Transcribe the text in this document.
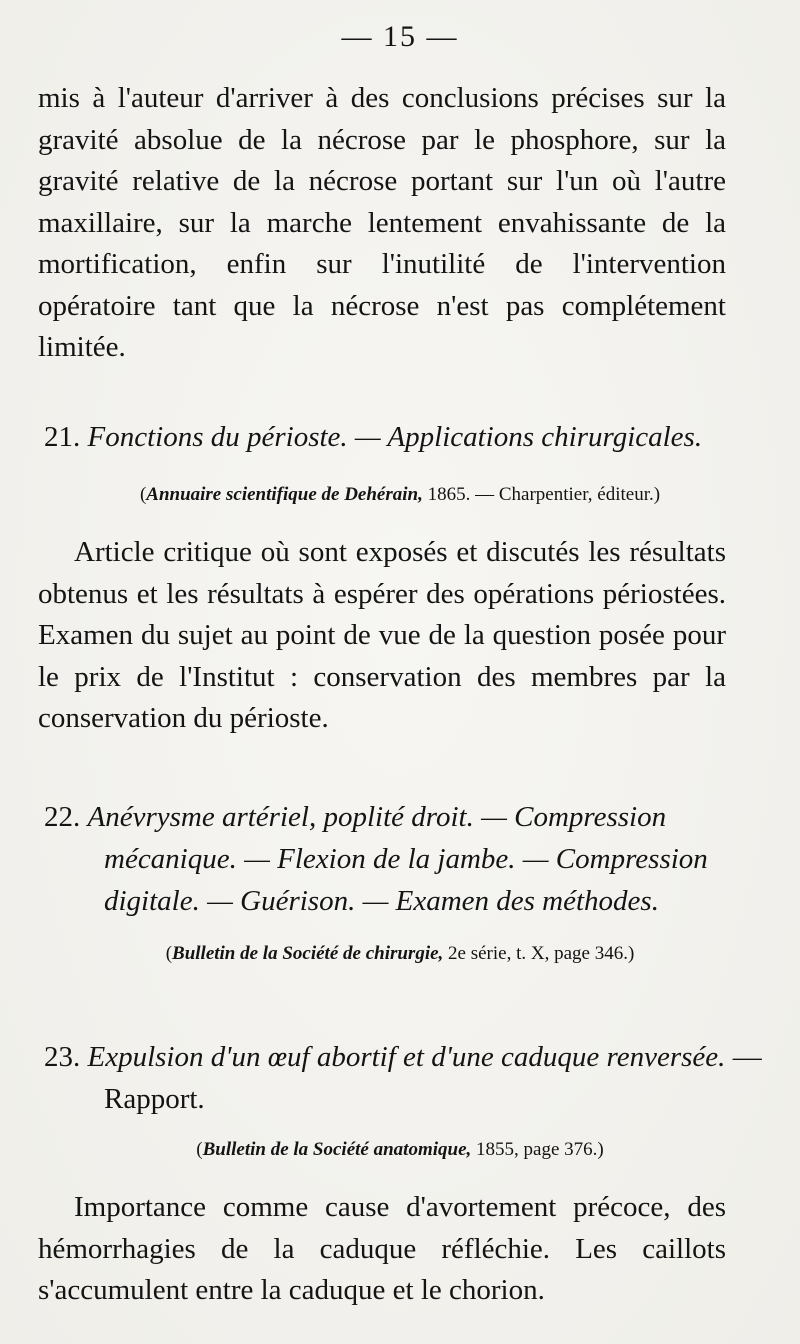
— 15 —

mis à l'auteur d'arriver à des conclusions précises sur la gravité absolue de la nécrose par le phosphore, sur la gravité relative de la nécrose portant sur l'un où l'autre maxillaire, sur la marche lentement envahissante de la mortification, enfin sur l'inutilité de l'intervention opératoire tant que la nécrose n'est pas complétement limitée.

21. Fonctions du périoste. — Applications chirurgicales.

(Annuaire scientifique de Dehérain, 1865. — Charpentier, éditeur.)

Article critique où sont exposés et discutés les résultats obtenus et les résultats à espérer des opérations périostées. Examen du sujet au point de vue de la question posée pour le prix de l'Institut : conservation des membres par la conservation du périoste.

22. Anévrysme artériel, poplité droit. — Compression mécanique. — Flexion de la jambe. — Compression digitale. — Guérison. — Examen des méthodes.

(Bulletin de la Société de chirurgie, 2e série, t. X, page 346.)

23. Expulsion d'un œuf abortif et d'une caduque renversée. — Rapport.

(Bulletin de la Société anatomique, 1855, page 376.)

Importance comme cause d'avortement précoce, des hémorrhagies de la caduque réfléchie. Les caillots s'accumulent entre la caduque et le chorion.
